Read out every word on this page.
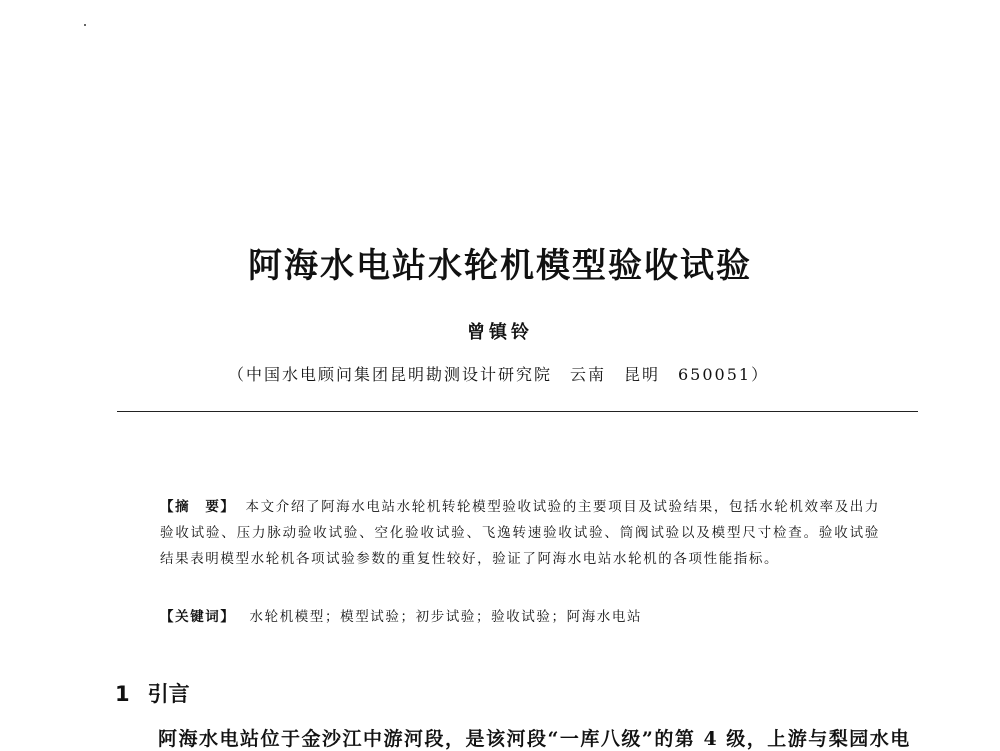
阿海水电站水轮机模型验收试验
曾镇铃
（中国水电顾问集团昆明勘测设计研究院　云南　昆明　650051）
【摘　要】 本文介绍了阿海水电站水轮机转轮模型验收试验的主要项目及试验结果，包括水轮机效率及出力验收试验、压力脉动验收试验、空化验收试验、飞逸转速验收试验、筒阀试验以及模型尺寸检查。验收试验结果表明模型水轮机各项试验参数的重复性较好，验证了阿海水电站水轮机的各项性能指标。
【关键词】 水轮机模型；模型试验；初步试验；验收试验；阿海水电站
1 引言
阿海水电站位于金沙江中游河段，是该河段“一库八级”的第 4 级，上游与梨园水电
